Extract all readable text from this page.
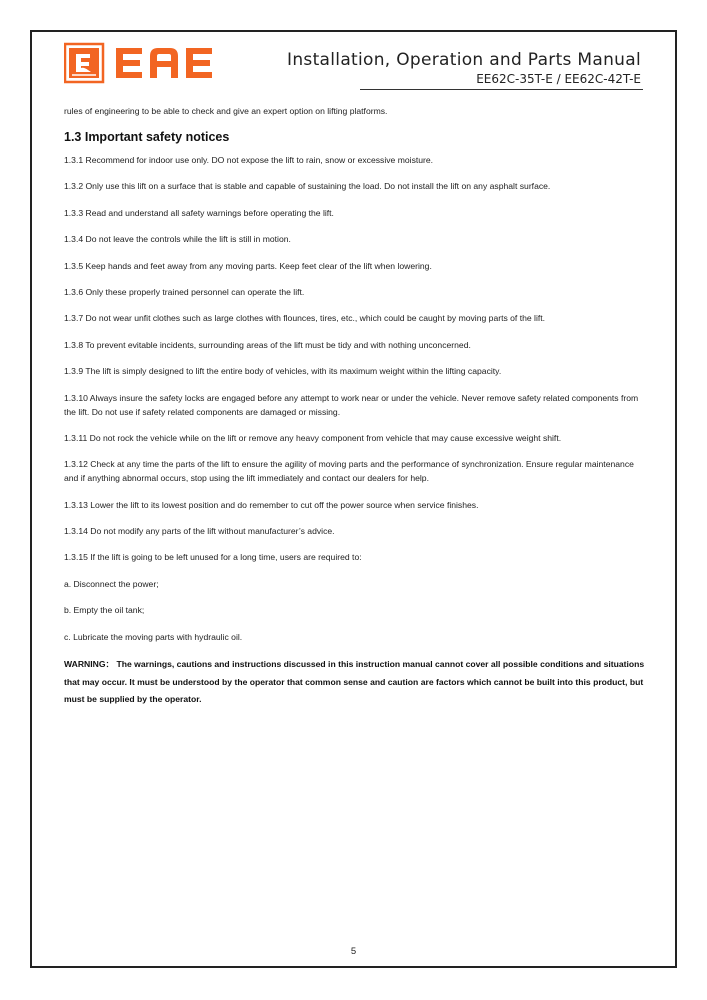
Installation, Operation and Parts Manual
EE62C-35T-E / EE62C-42T-E

rules of engineering to be able to check and give an expert option on lifting platforms.

1.3 Important safety notices

1.3.1 Recommend for indoor use only. DO not expose the lift to rain, snow or excessive moisture.

1.3.2 Only use this lift on a surface that is stable and capable of sustaining the load. Do not install the lift on any asphalt surface.

1.3.3 Read and understand all safety warnings before operating the lift.

1.3.4 Do not leave the controls while the lift is still in motion.

1.3.5 Keep hands and feet away from any moving parts. Keep feet clear of the lift when lowering.

1.3.6 Only these properly trained personnel can operate the lift.

1.3.7 Do not wear unfit clothes such as large clothes with flounces, tires, etc., which could be caught by moving parts of the lift.

1.3.8 To prevent evitable incidents, surrounding areas of the lift must be tidy and with nothing unconcerned.

1.3.9 The lift is simply designed to lift the entire body of vehicles, with its maximum weight within the lifting capacity.

1.3.10 Always insure the safety locks are engaged before any attempt to work near or under the vehicle. Never remove safety related components from the lift. Do not use if safety related components are damaged or missing.

1.3.11 Do not rock the vehicle while on the lift or remove any heavy component from vehicle that may cause excessive weight shift.

1.3.12 Check at any time the parts of the lift to ensure the agility of moving parts and the performance of synchronization. Ensure regular maintenance and if anything abnormal occurs, stop using the lift immediately and contact our dealers for help.

1.3.13 Lower the lift to its lowest position and do remember to cut off the power source when service finishes.

1.3.14 Do not modify any parts of the lift without manufacturer’s advice.

1.3.15 If the lift is going to be left unused for a long time, users are required to:

a. Disconnect the power;

b. Empty the oil tank;

c. Lubricate the moving parts with hydraulic oil.

WARNING： The warnings, cautions and instructions discussed in this instruction manual cannot cover all possible conditions and situations that may occur. It must be understood by the operator that common sense and caution are factors which cannot be built into this product, but must be supplied by the operator.

5
